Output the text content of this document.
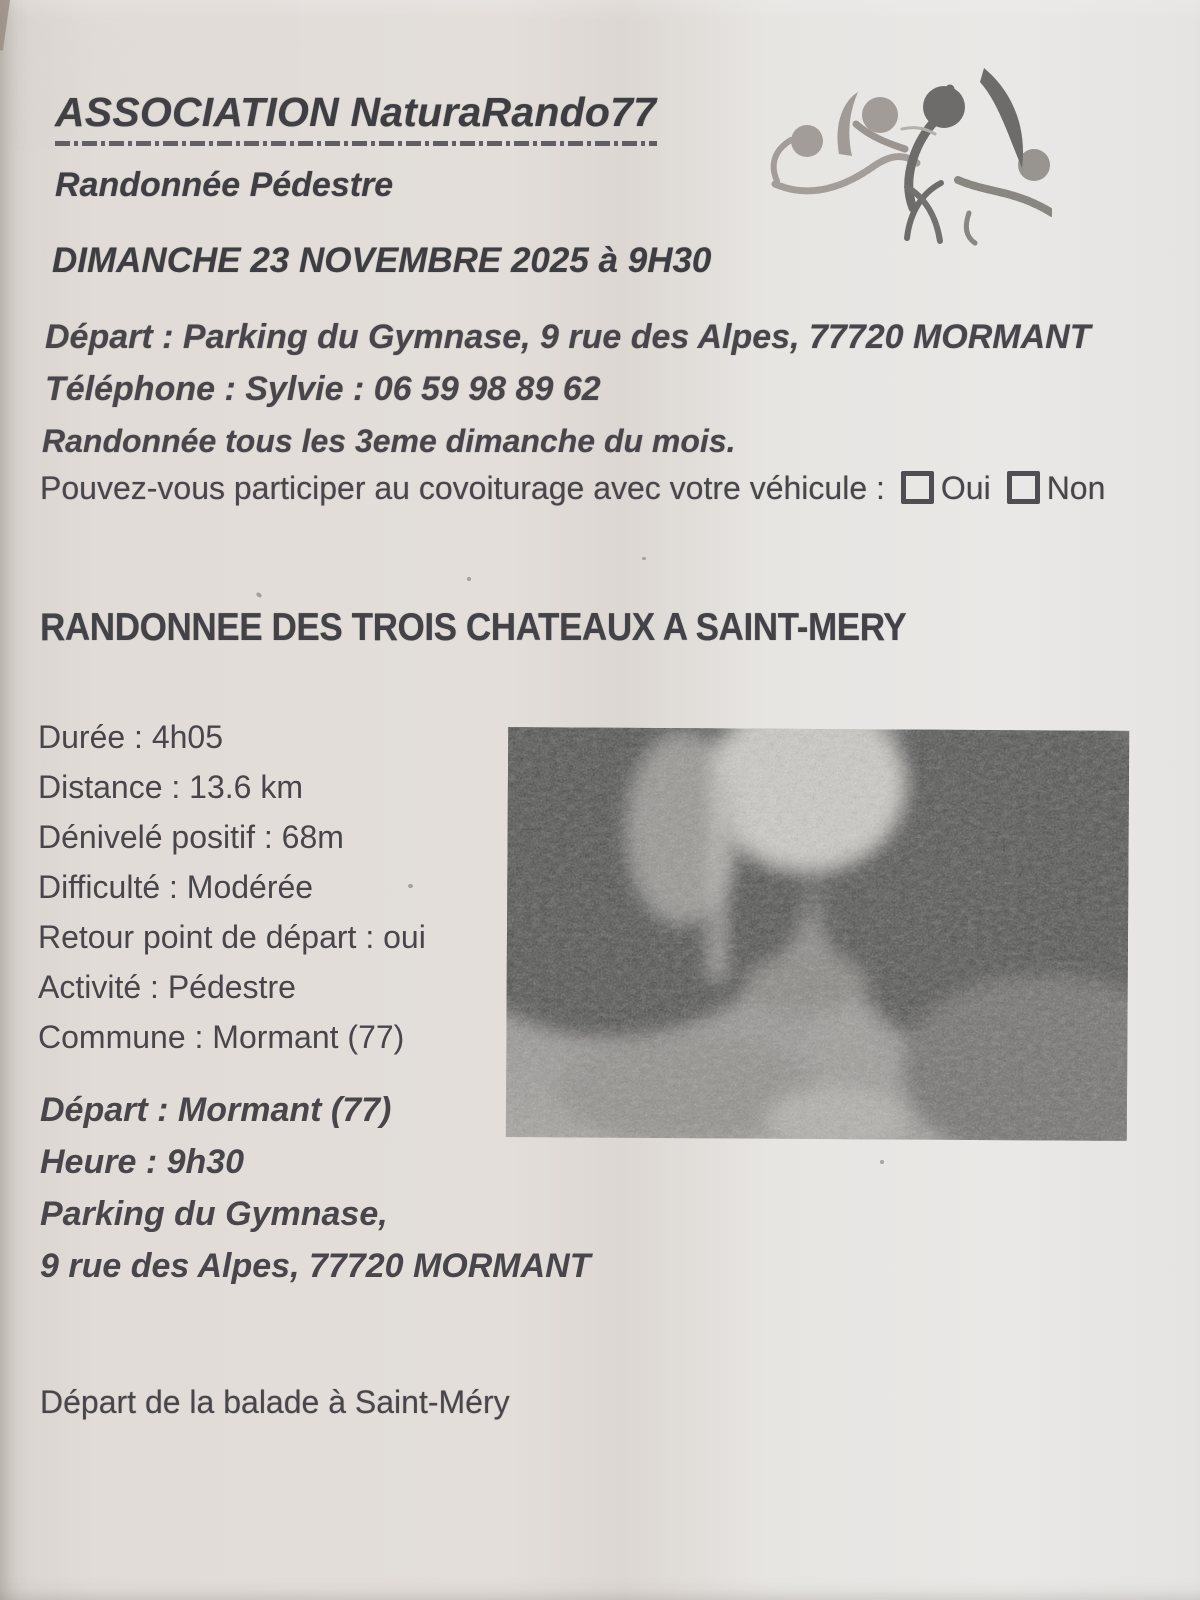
ASSOCIATION NaturaRando77
Randonnée Pédestre
DIMANCHE 23 NOVEMBRE 2025 à 9H30
Départ : Parking du Gymnase, 9 rue des Alpes, 77720 MORMANT
Téléphone : Sylvie : 06 59 98 89 62
Randonnée tous les 3eme dimanche du mois.
Pouvez-vous participer au covoiturage avec votre véhicule : Oui Non
RANDONNEE DES TROIS CHATEAUX A SAINT-MERY
Durée : 4h05
Distance : 13.6 km
Dénivelé positif : 68m
Difficulté : Modérée
Retour point de départ : oui
Activité : Pédestre
Commune : Mormant (77)
Départ : Mormant (77)
Heure : 9h30
Parking du Gymnase,
9 rue des Alpes, 77720 MORMANT
Départ de la balade à Saint-Méry
